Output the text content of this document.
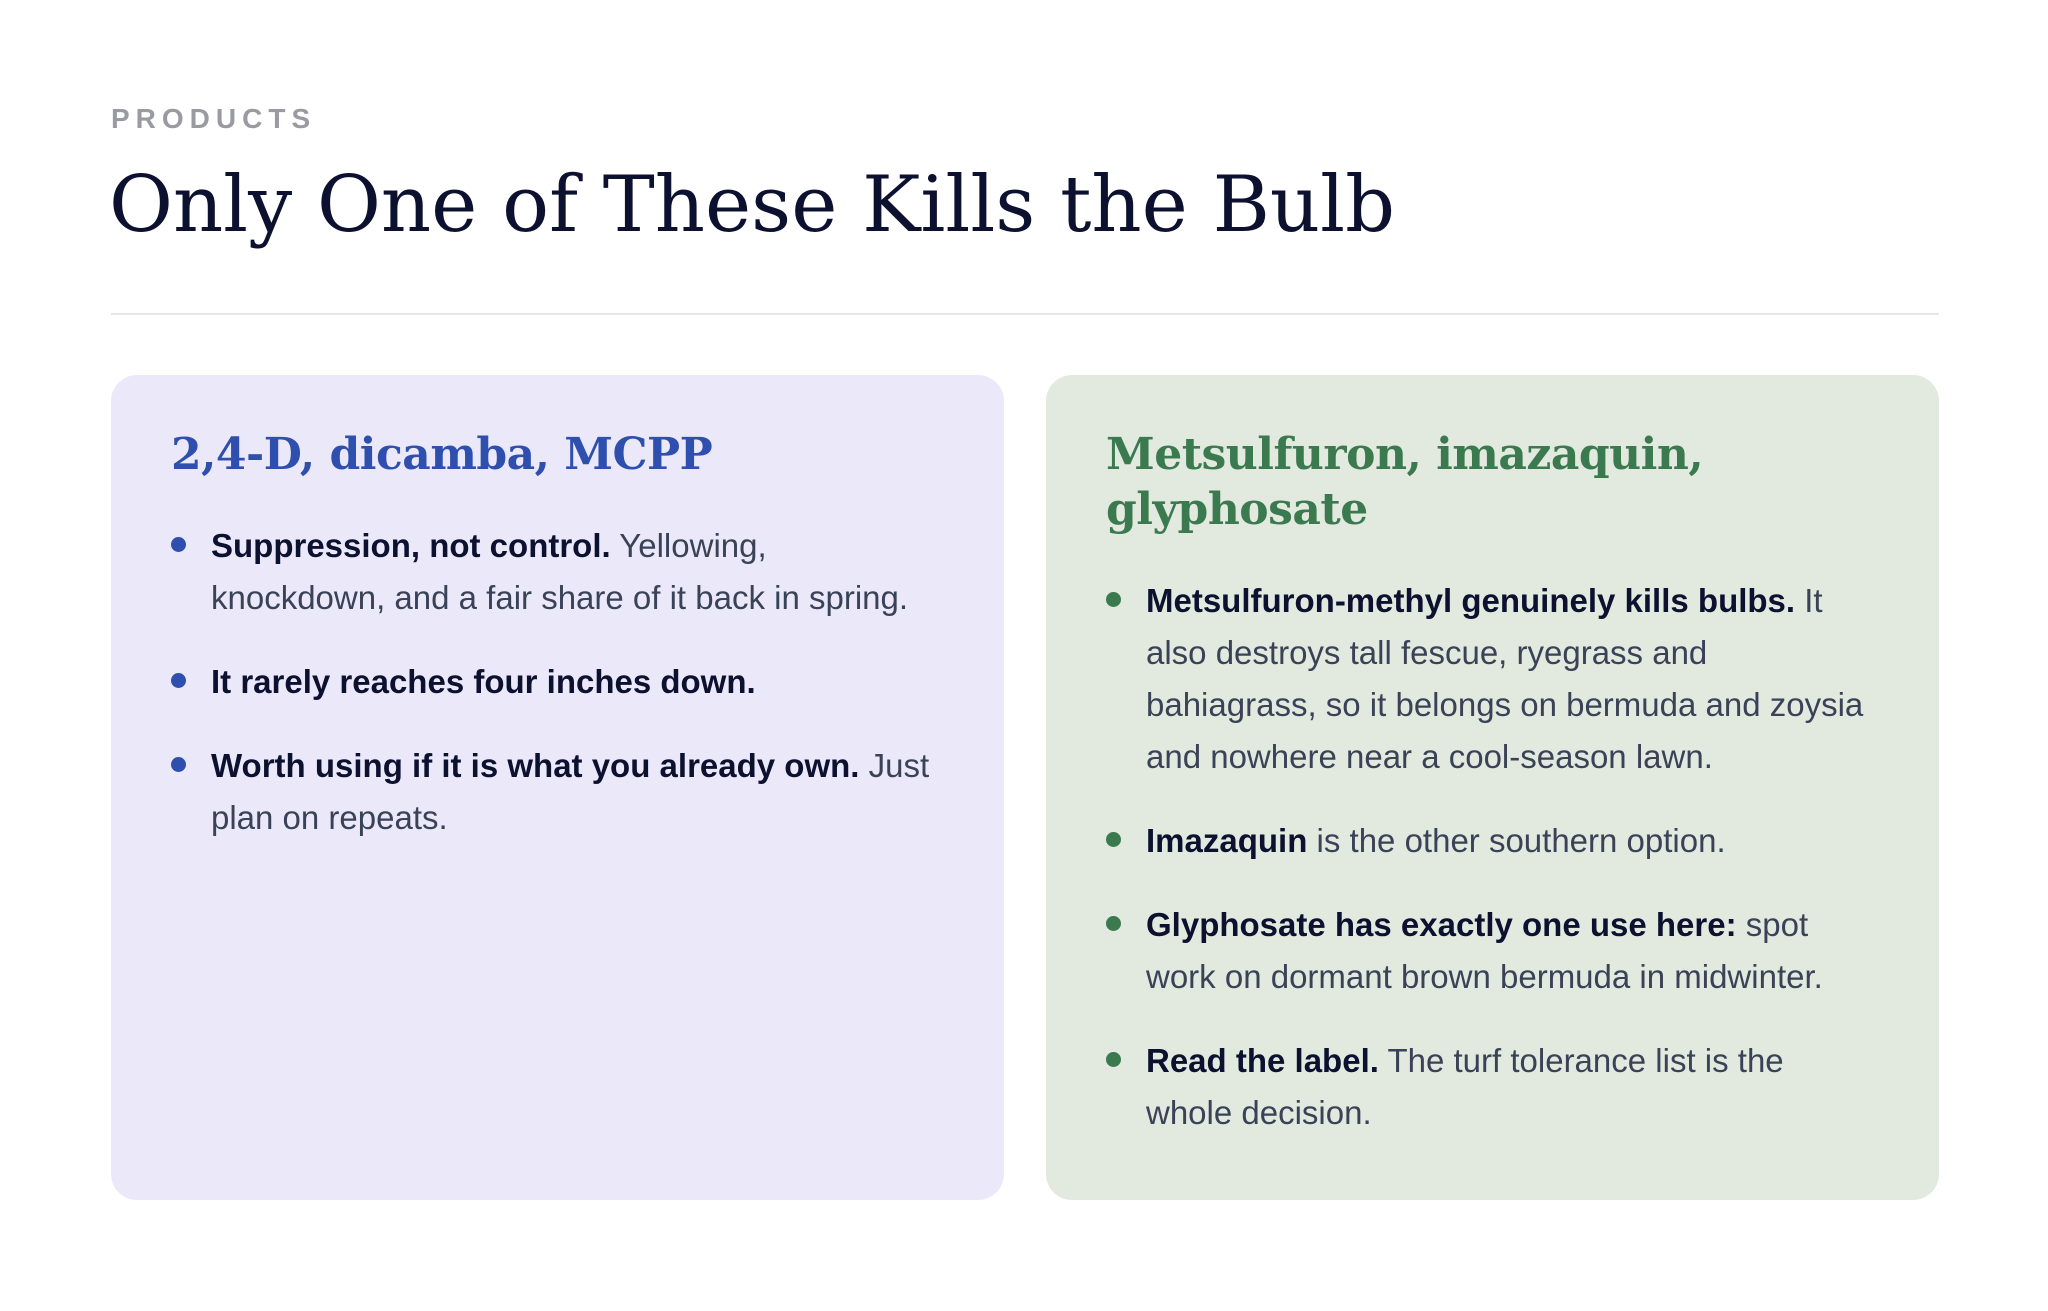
PRODUCTS
Only One of These Kills the Bulb
2,4-D, dicamba, MCPP
Suppression, not control. Yellowing, knockdown, and a fair share of it back in spring.
It rarely reaches four inches down.
Worth using if it is what you already own. Just plan on repeats.
Metsulfuron, imazaquin, glyphosate
Metsulfuron-methyl genuinely kills bulbs. It also destroys tall fescue, ryegrass and bahiagrass, so it belongs on bermuda and zoysia and nowhere near a cool-season lawn.
Imazaquin is the other southern option.
Glyphosate has exactly one use here: spot work on dormant brown bermuda in midwinter.
Read the label. The turf tolerance list is the whole decision.
